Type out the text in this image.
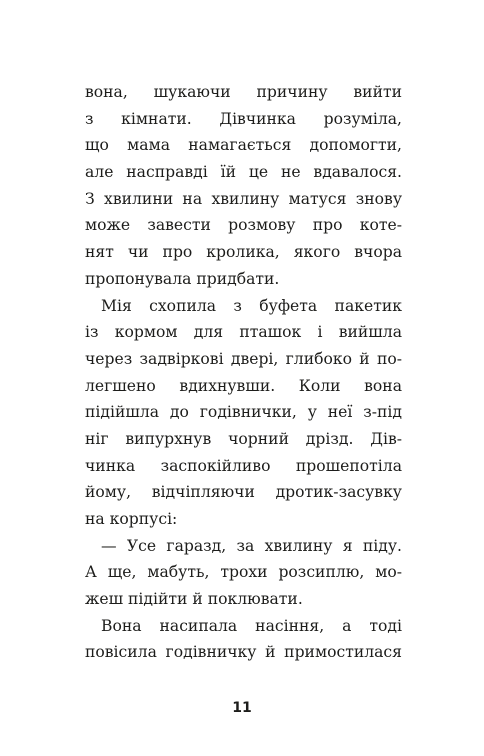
вона, шукаючи причину вийти
з кімнати. Дівчинка розуміла,
що мама намагається допомогти,
але насправді їй це не вдавалося.
З хвилини на хвилину матуся знову
може завести розмову про коте-
нят чи про кролика, якого вчора
пропонувала придбати.
Мія схопила з буфета пакетик
із кормом для пташок і вийшла
через задвіркові двері, глибоко й по-
легшено вдихнувши. Коли вона
підійшла до годівнички, у неї з-під
ніг випурхнув чорний дрізд. Дів-
чинка заспокійливо прошепотіла
йому, відчіпляючи дротик-засувку
на корпусі:
— Усе гаразд, за хвилину я піду.
А ще, мабуть, трохи розсиплю, мо-
жеш підійти й поклювати.
Вона насипала насіння, а тоді
повісила годівничку й примостилася
11
